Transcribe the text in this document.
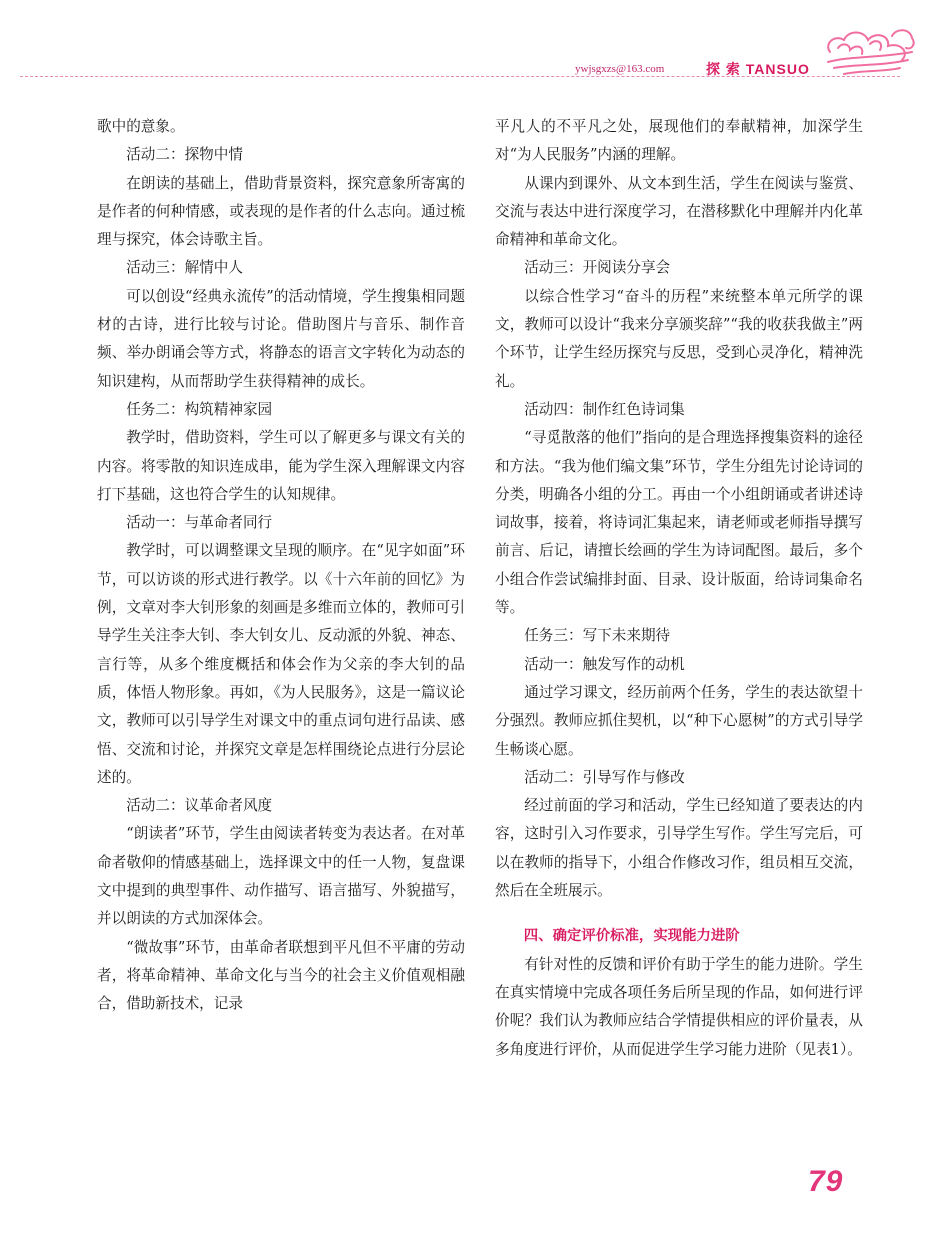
ywjsgxzs@163.com	探 索 TANSUO

歌中的意象。

活动二：探物中情

在朗读的基础上，借助背景资料，探究意象所寄寓的是作者的何种情感，或表现的是作者的什么志向。通过梳理与探究，体会诗歌主旨。

活动三：解情中人

可以创设“经典永流传”的活动情境，学生搜集相同题材的古诗，进行比较与讨论。借助图片与音乐、制作音频、举办朗诵会等方式，将静态的语言文字转化为动态的知识建构，从而帮助学生获得精神的成长。

任务二：构筑精神家园

教学时，借助资料，学生可以了解更多与课文有关的内容。将零散的知识连成串，能为学生深入理解课文内容打下基础，这也符合学生的认知规律。

活动一：与革命者同行

教学时，可以调整课文呈现的顺序。在“见字如面”环节，可以访谈的形式进行教学。以《十六年前的回忆》为例，文章对李大钊形象的刻画是多维而立体的，教师可引导学生关注李大钊、李大钊女儿、反动派的外貌、神态、言行等，从多个维度概括和体会作为父亲的李大钊的品质，体悟人物形象。再如，《为人民服务》，这是一篇议论文，教师可以引导学生对课文中的重点词句进行品读、感悟、交流和讨论，并探究文章是怎样围绕论点进行分层论述的。

活动二：议革命者风度

“朗读者”环节，学生由阅读者转变为表达者。在对革命者敬仰的情感基础上，选择课文中的任一人物，复盘课文中提到的典型事件、动作描写、语言描写、外貌描写，并以朗读的方式加深体会。

“微故事”环节，由革命者联想到平凡但不平庸的劳动者，将革命精神、革命文化与当今的社会主义价值观相融合，借助新技术，记录

平凡人的不平凡之处，展现他们的奉献精神，加深学生对“为人民服务”内涵的理解。

从课内到课外、从文本到生活，学生在阅读与鉴赏、交流与表达中进行深度学习，在潜移默化中理解并内化革命精神和革命文化。

活动三：开阅读分享会

以综合性学习“奋斗的历程”来统整本单元所学的课文，教师可以设计“我来分享颁奖辞”“我的收获我做主”两个环节，让学生经历探究与反思，受到心灵净化，精神洗礼。

活动四：制作红色诗词集

“寻觅散落的他们”指向的是合理选择搜集资料的途径和方法。“我为他们编文集”环节，学生分组先讨论诗词的分类，明确各小组的分工。再由一个小组朗诵或者讲述诗词故事，接着，将诗词汇集起来，请老师或老师指导撰写前言、后记，请擅长绘画的学生为诗词配图。最后，多个小组合作尝试编排封面、目录、设计版面，给诗词集命名等。

任务三：写下未来期待

活动一：触发写作的动机

通过学习课文，经历前两个任务，学生的表达欲望十分强烈。教师应抓住契机，以“种下心愿树”的方式引导学生畅谈心愿。

活动二：引导写作与修改

经过前面的学习和活动，学生已经知道了要表达的内容，这时引入习作要求，引导学生写作。学生写完后，可以在教师的指导下，小组合作修改习作，组员相互交流，然后在全班展示。

四、确定评价标准，实现能力进阶

有针对性的反馈和评价有助于学生的能力进阶。学生在真实情境中完成各项任务后所呈现的作品，如何进行评价呢？我们认为教师应结合学情提供相应的评价量表，从多角度进行评价，从而促进学生学习能力进阶（见表1）。

79
